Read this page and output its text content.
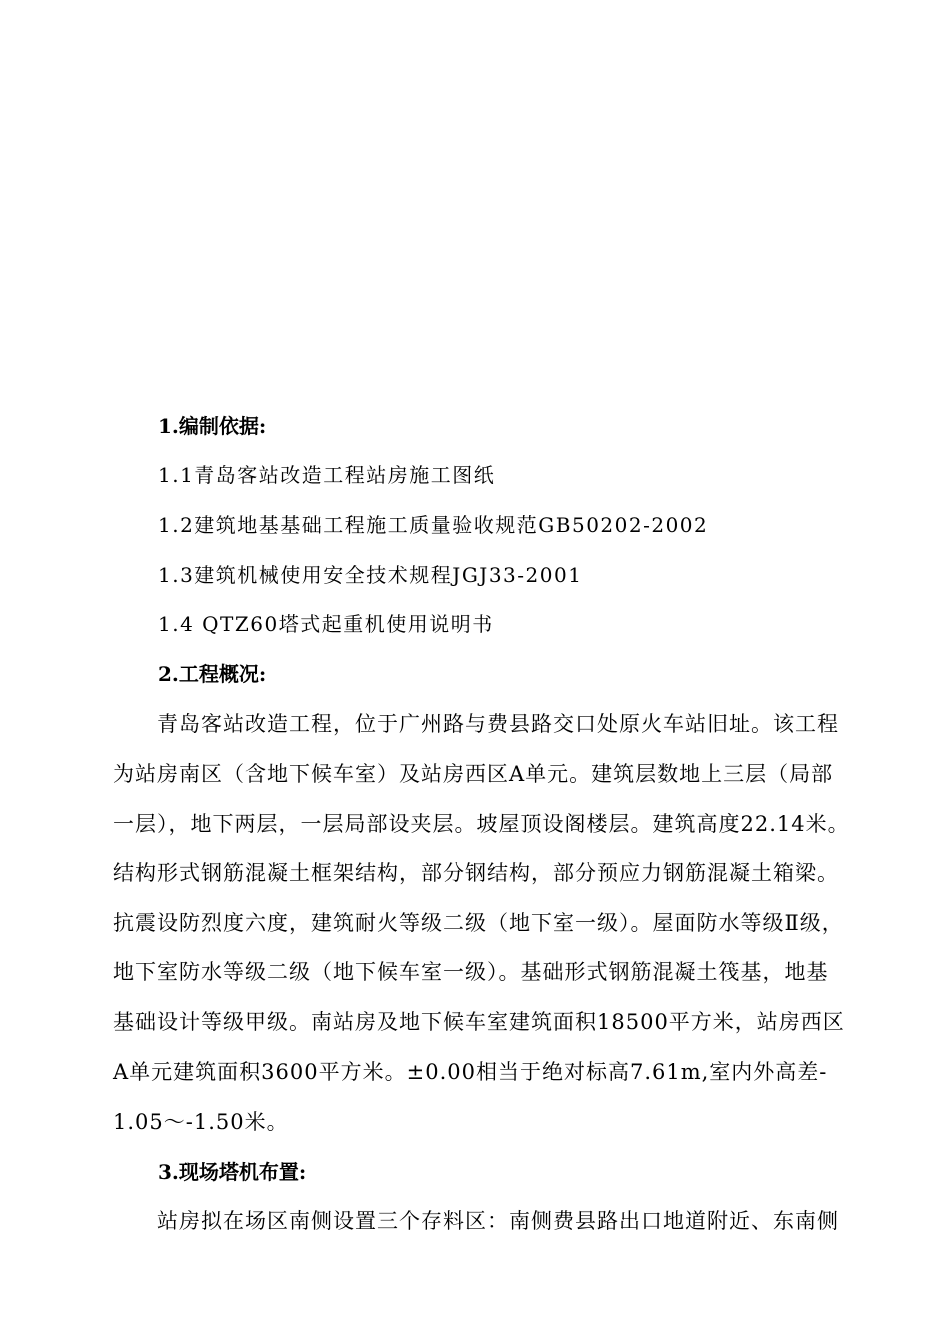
1.编制依据:
1.1青岛客站改造工程站房施工图纸
1.2建筑地基基础工程施工质量验收规范GB50202-2002
1.3建筑机械使用安全技术规程JGJ33-2001
1.4 QTZ60塔式起重机使用说明书
2.工程概况:
　　青岛客站改造工程，位于广州路与费县路交口处原火车站旧址。该工程
为站房南区（含地下候车室）及站房西区A单元。建筑层数地上三层（局部
一层），地下两层，一层局部设夹层。坡屋顶设阁楼层。建筑高度22.14米。
结构形式钢筋混凝土框架结构，部分钢结构，部分预应力钢筋混凝土箱梁。
抗震设防烈度六度，建筑耐火等级二级（地下室一级）。屋面防水等级Ⅱ级，
地下室防水等级二级（地下候车室一级）。基础形式钢筋混凝土筏基，地基
基础设计等级甲级。南站房及地下候车室建筑面积18500平方米，站房西区
A单元建筑面积3600平方米。±0.00相当于绝对标高7.61m,室内外高差-
1.05～-1.50米。
3.现场塔机布置:
　　站房拟在场区南侧设置三个存料区：南侧费县路出口地道附近、东南侧
